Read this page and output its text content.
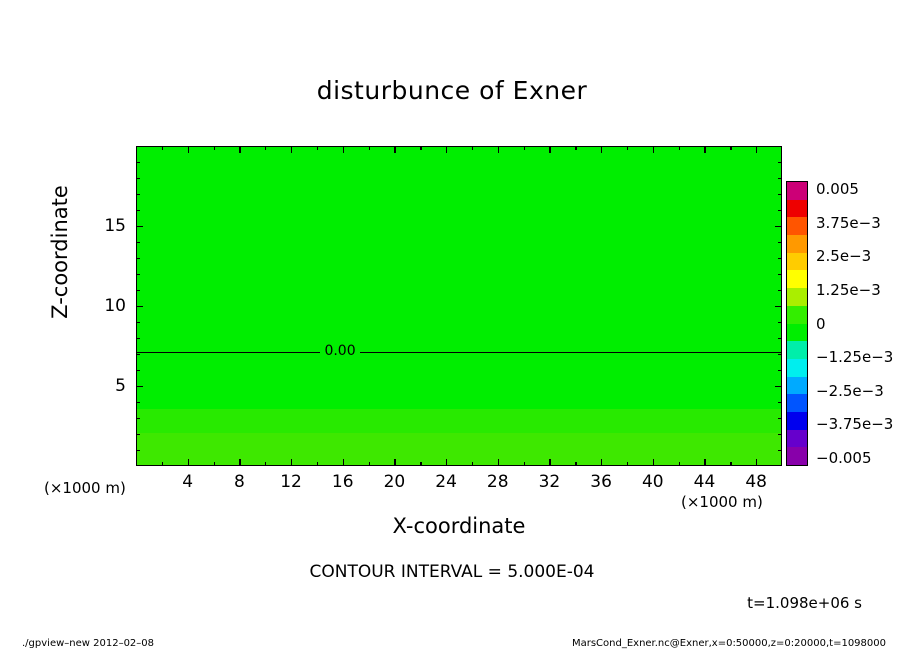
disturbunce of Exner
0.00
4	8	12	16	20	24	28	32	36	40	44	48
5
10
15
X-coordinate
Z-coordinate
(×1000 m)
(×1000 m)
0.005
3.75e−3
2.5e−3
1.25e−3
0
−1.25e−3
−2.5e−3
−3.75e−3
−0.005
CONTOUR INTERVAL = 5.000E-04
t=1.098e+06 s
./gpview–new 2012–02–08	MarsCond_Exner.nc@Exner,x=0:50000,z=0:20000,t=1098000
